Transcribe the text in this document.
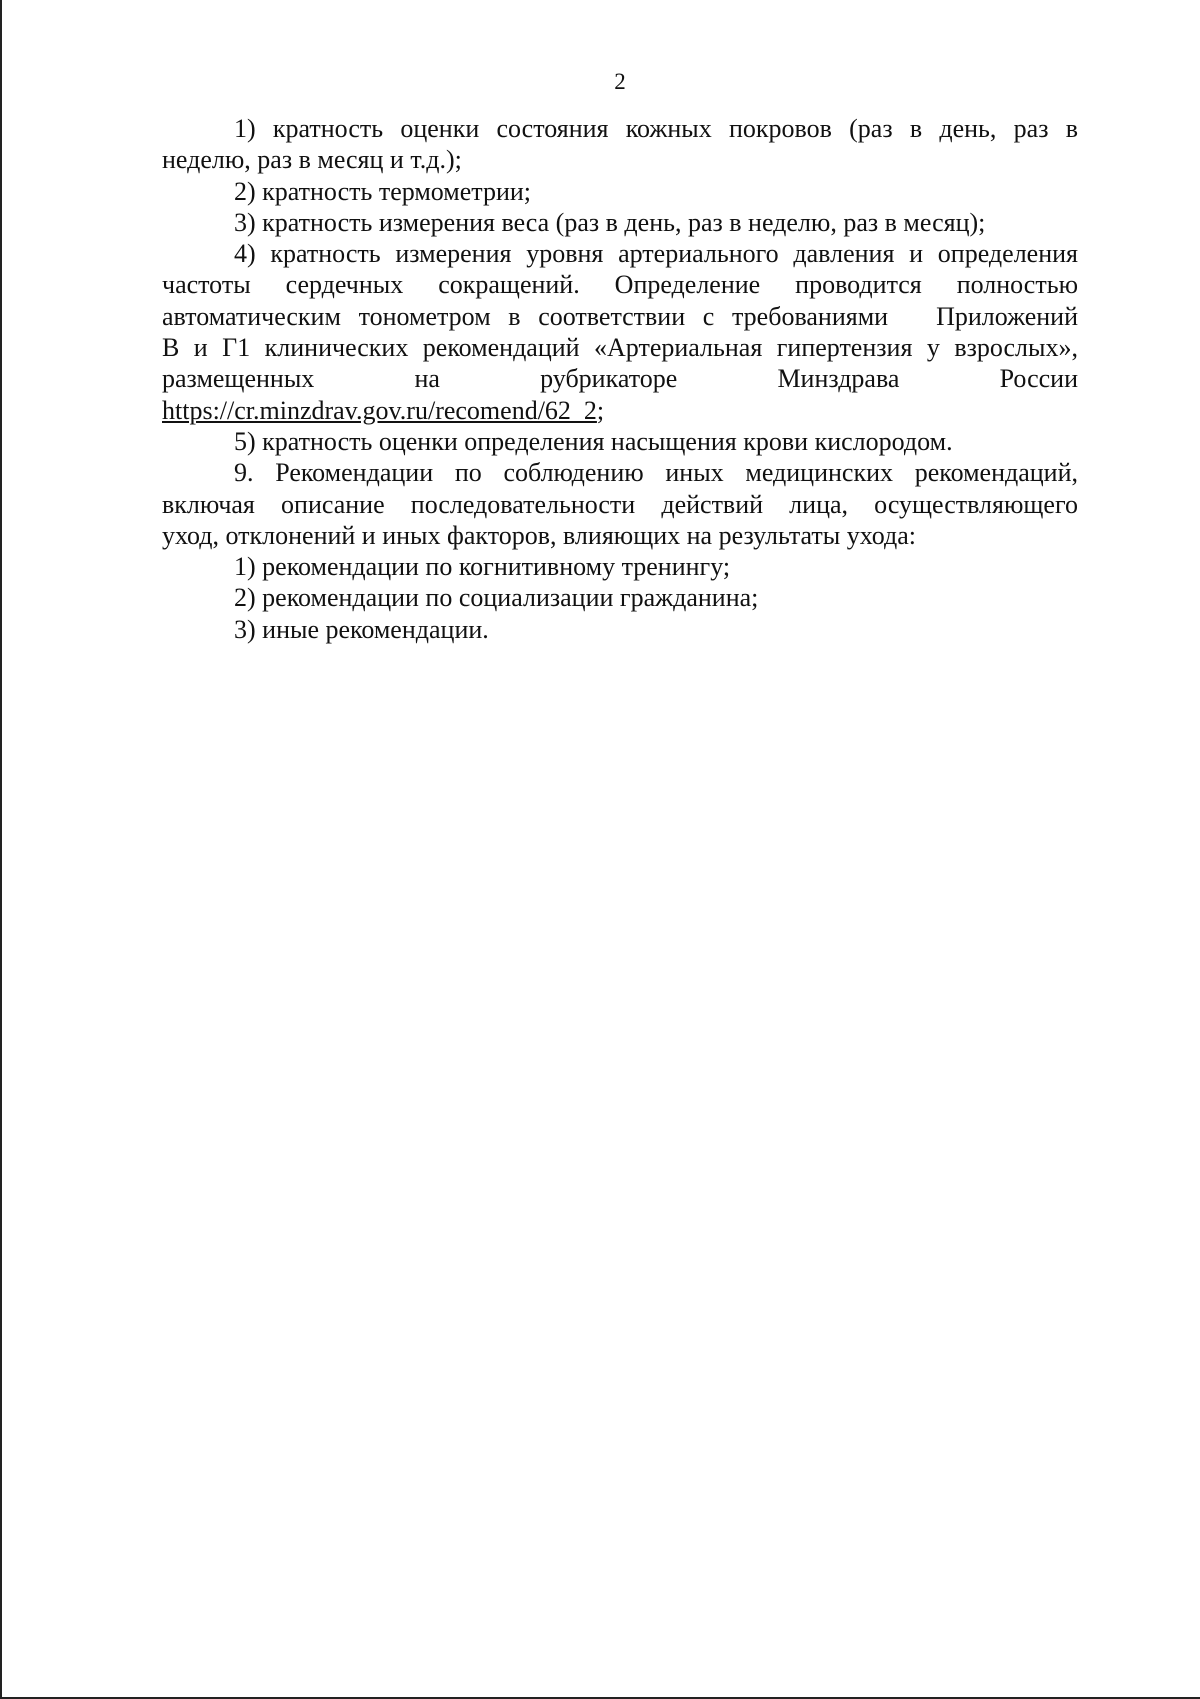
2

1) кратность оценки состояния кожных покровов (раз в день, раз в

неделю, раз в месяц и т.д.);

2) кратность термометрии;

3) кратность измерения веса (раз в день, раз в неделю, раз в месяц);

4) кратность измерения уровня артериального давления и определения

частоты сердечных сокращений. Определение проводится полностью

автоматическим тонометром в соответствии с требованиями Приложений

В и Г1 клинических рекомендаций «Артериальная гипертензия у взрослых»,

размещенных на рубрикаторе Минздрава России

https://cr.minzdrav.gov.ru/recomend/62_2;

5) кратность оценки определения насыщения крови кислородом.

9. Рекомендации по соблюдению иных медицинских рекомендаций,

включая описание последовательности действий лица, осуществляющего

уход, отклонений и иных факторов, влияющих на результаты ухода:

1) рекомендации по когнитивному тренингу;

2) рекомендации по социализации гражданина;

3) иные рекомендации.
